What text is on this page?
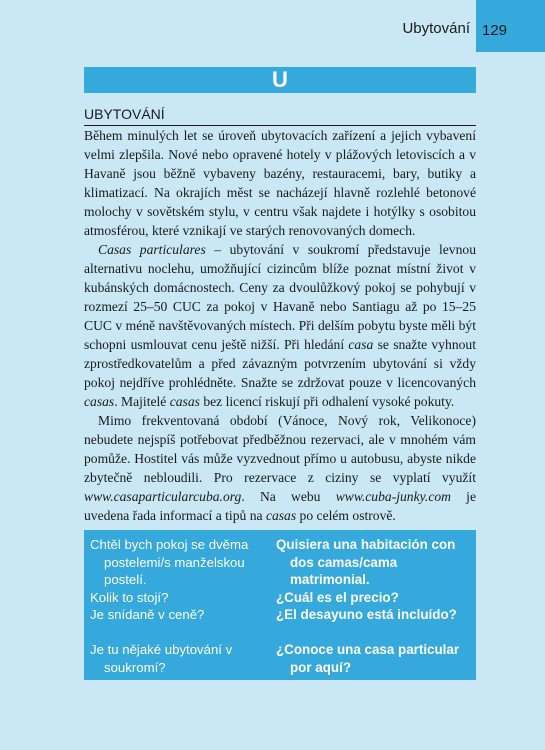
Ubytování 129
U
UBYTOVÁNÍ

Během minulých let se úroveň ubytovacích zařízení a jejich vybavení velmi zlepšila. Nové nebo opravené hotely v plážových letoviscích a v Havaně jsou běžně vybaveny bazény, restauracemi, bary, butiky a klimatizací. Na okrajích měst se nacházejí hlavně rozlehlé betonové molochy v sovětském stylu, v centru však najdete i hotýlky s osobitou atmosférou, které vznikají ve starých renovovaných domech.

Casas particulares – ubytování v soukromí představuje levnou alternativu noclehu, umožňující cizincům blíže poznat místní život v kubánských domácnostech. Ceny za dvoulůžkový pokoj se pohybují v rozmezí 25–50 CUC za pokoj v Havaně nebo Santiagu až po 15–25 CUC v méně navštěvovaných místech. Při delším pobytu byste měli být schopni usmlouvat cenu ještě nižší. Při hledání casa se snažte vyhnout zprostředkovatelům a před závazným potvrzením ubytování si vždy pokoj nejdříve prohlédněte. Snažte se zdržovat pouze v licencovaných casas. Majitelé casas bez licencí riskují při odhalení vysoké pokuty.

Mimo frekventovaná období (Vánoce, Nový rok, Velikonoce) nebudete nejspíš potřebovat předběžnou rezervaci, ale v mnohém vám pomůže. Hostitel vás může vyzvednout přímo u autobusu, abyste nikde zbytečně nebloudili. Pro rezervace z ciziny se vyplatí využít www.casaparticularcuba.org. Na webu www.cuba-junky.com je uvedena řada informací a tipů na casas po celém ostrově.

Chtěl bych pokoj se dvěma postelemi/s manželskou postelí.
Kolik to stojí?
Je snídaně v ceně?
Je tu nějaké ubytování v soukromí?
Quisiera una habitación con dos camas/cama matrimonial.
¿Cuál es el precio?
¿El desayuno está incluído?
¿Conoce una casa particular por aquí?
